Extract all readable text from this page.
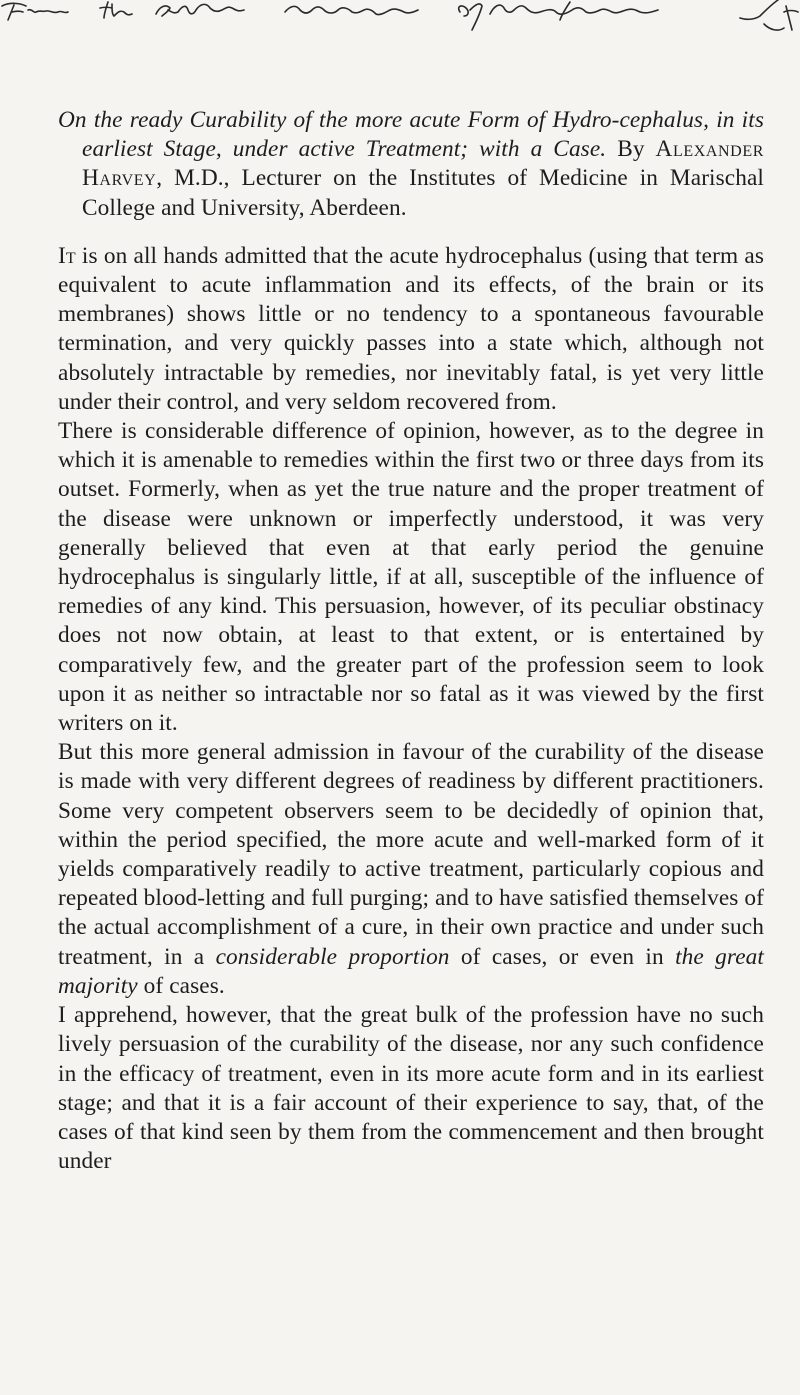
On the ready Curability of the more acute Form of Hydro-cephalus, in its earliest Stage, under active Treatment; with a Case. By Alexander Harvey, M.D., Lecturer on the Institutes of Medicine in Marischal College and University, Aberdeen.

It is on all hands admitted that the acute hydrocephalus (using that term as equivalent to acute inflammation and its effects, of the brain or its membranes) shows little or no tendency to a spontaneous favourable termination, and very quickly passes into a state which, although not absolutely intractable by remedies, nor inevitably fatal, is yet very little under their control, and very seldom recovered from.

There is considerable difference of opinion, however, as to the degree in which it is amenable to remedies within the first two or three days from its outset. Formerly, when as yet the true nature and the proper treatment of the disease were unknown or imperfectly understood, it was very generally believed that even at that early period the genuine hydrocephalus is singularly little, if at all, susceptible of the influence of remedies of any kind. This persuasion, however, of its peculiar obstinacy does not now obtain, at least to that extent, or is entertained by comparatively few, and the greater part of the profession seem to look upon it as neither so intractable nor so fatal as it was viewed by the first writers on it.

But this more general admission in favour of the curability of the disease is made with very different degrees of readiness by different practitioners. Some very competent observers seem to be decidedly of opinion that, within the period specified, the more acute and well-marked form of it yields comparatively readily to active treatment, particularly copious and repeated blood-letting and full purging; and to have satisfied themselves of the actual accomplishment of a cure, in their own practice and under such treatment, in a considerable proportion of cases, or even in the great majority of cases.

I apprehend, however, that the great bulk of the profession have no such lively persuasion of the curability of the disease, nor any such confidence in the efficacy of treatment, even in its more acute form and in its earliest stage; and that it is a fair account of their experience to say, that, of the cases of that kind seen by them from the commencement and then brought under
